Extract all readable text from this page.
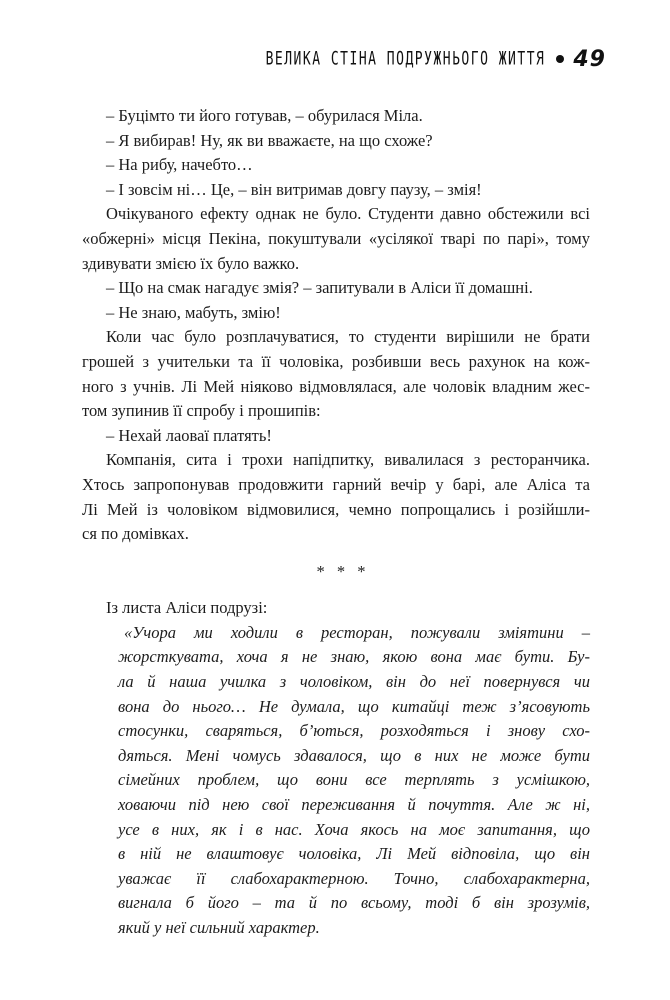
ВЕЛИКА СТІНА ПОДРУЖНЬОГО ЖИТТЯ 49
– Буцімто ти його готував, – обурилася Міла.
– Я вибирав! Ну, як ви вважаєте, на що схоже?
– На рибу, начебто…
– І зовсім ні… Це, – він витримав довгу паузу, – змія!
Очікуваного ефекту однак не було. Студенти давно обстежили всі
«обжерні» місця Пекіна, покуштували «усілякої тварі по парі», тому
здивувати змією їх було важко.
– Що на смак нагадує змія? – запитували в Аліси її домашні.
– Не знаю, мабуть, змію!
Коли час було розплачуватися, то студенти вирішили не брати
грошей з учительки та її чоловіка, розбивши весь рахунок на кож-
ного з учнів. Лі Мей ніяково відмовлялася, але чоловік владним жес-
том зупинив її спробу і прошипів:
– Нехай лаоваї платять!
Компанія, сита і трохи напідпитку, вивалилася з ресторанчика.
Хтось запропонував продовжити гарний вечір у барі, але Аліса та
Лі Мей із чоловіком відмовилися, чемно попрощались і розійшли-
ся по домівках.
* * *
Із листа Аліси подрузі:
«Учора ми ходили в ресторан, пожували зміятини –
жорсткувата, хоча я не знаю, якою вона має бути. Бу-
ла й наша училка з чоловіком, він до неї повернувся чи
вона до нього… Не думала, що китайці теж з’ясовують
стосунки, сваряться, б’ються, розходяться і знову схо-
дяться. Мені чомусь здавалося, що в них не може бути
сімейних проблем, що вони все терплять з усмішкою,
ховаючи під нею свої переживання й почуття. Але ж ні,
усе в них, як і в нас. Хоча якось на моє запитання, що
в ній не влаштовує чоловіка, Лі Мей відповіла, що він
уважає її слабохарактерною. Точно, слабохарактерна,
вигнала б його – та й по всьому, тоді б він зрозумів,
який у неї сильний характер.
